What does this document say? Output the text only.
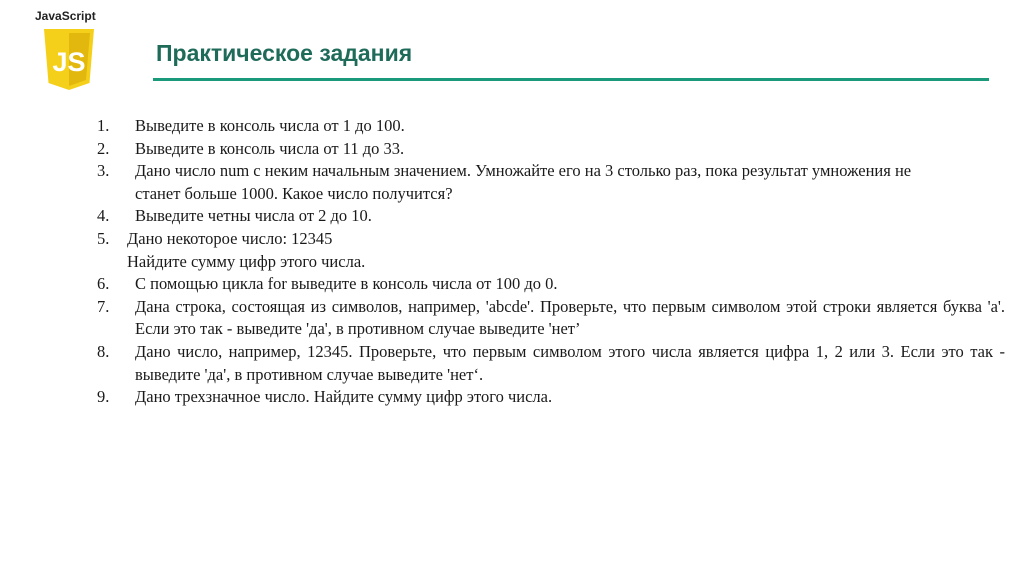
JavaScript
JS	Практическое задания
1. Выведите в консоль числа от 1 до 100.
2. Выведите в консоль числа от 11 до 33.
3. Дано число num с неким начальным значением. Умножайте его на 3 столько раз, пока результат умножения не станет больше 1000. Какое число получится?
4. Выведите четны числа от 2 до 10.
5. Дано некоторое число: 12345
Найдите сумму цифр этого числа.
6. С помощью цикла for выведите в консоль числа от 100 до 0.
7. Дана строка, состоящая из символов, например, 'abcde'. Проверьте, что первым символом этой строки является буква 'a'. Если это так - выведите 'да', в противном случае выведите 'нет’
8. Дано число, например, 12345. Проверьте, что первым символом этого числа является цифра 1, 2 или 3. Если это так - выведите 'да', в противном случае выведите 'нет‘.
9. Дано трехзначное число. Найдите сумму цифр этого числа.
